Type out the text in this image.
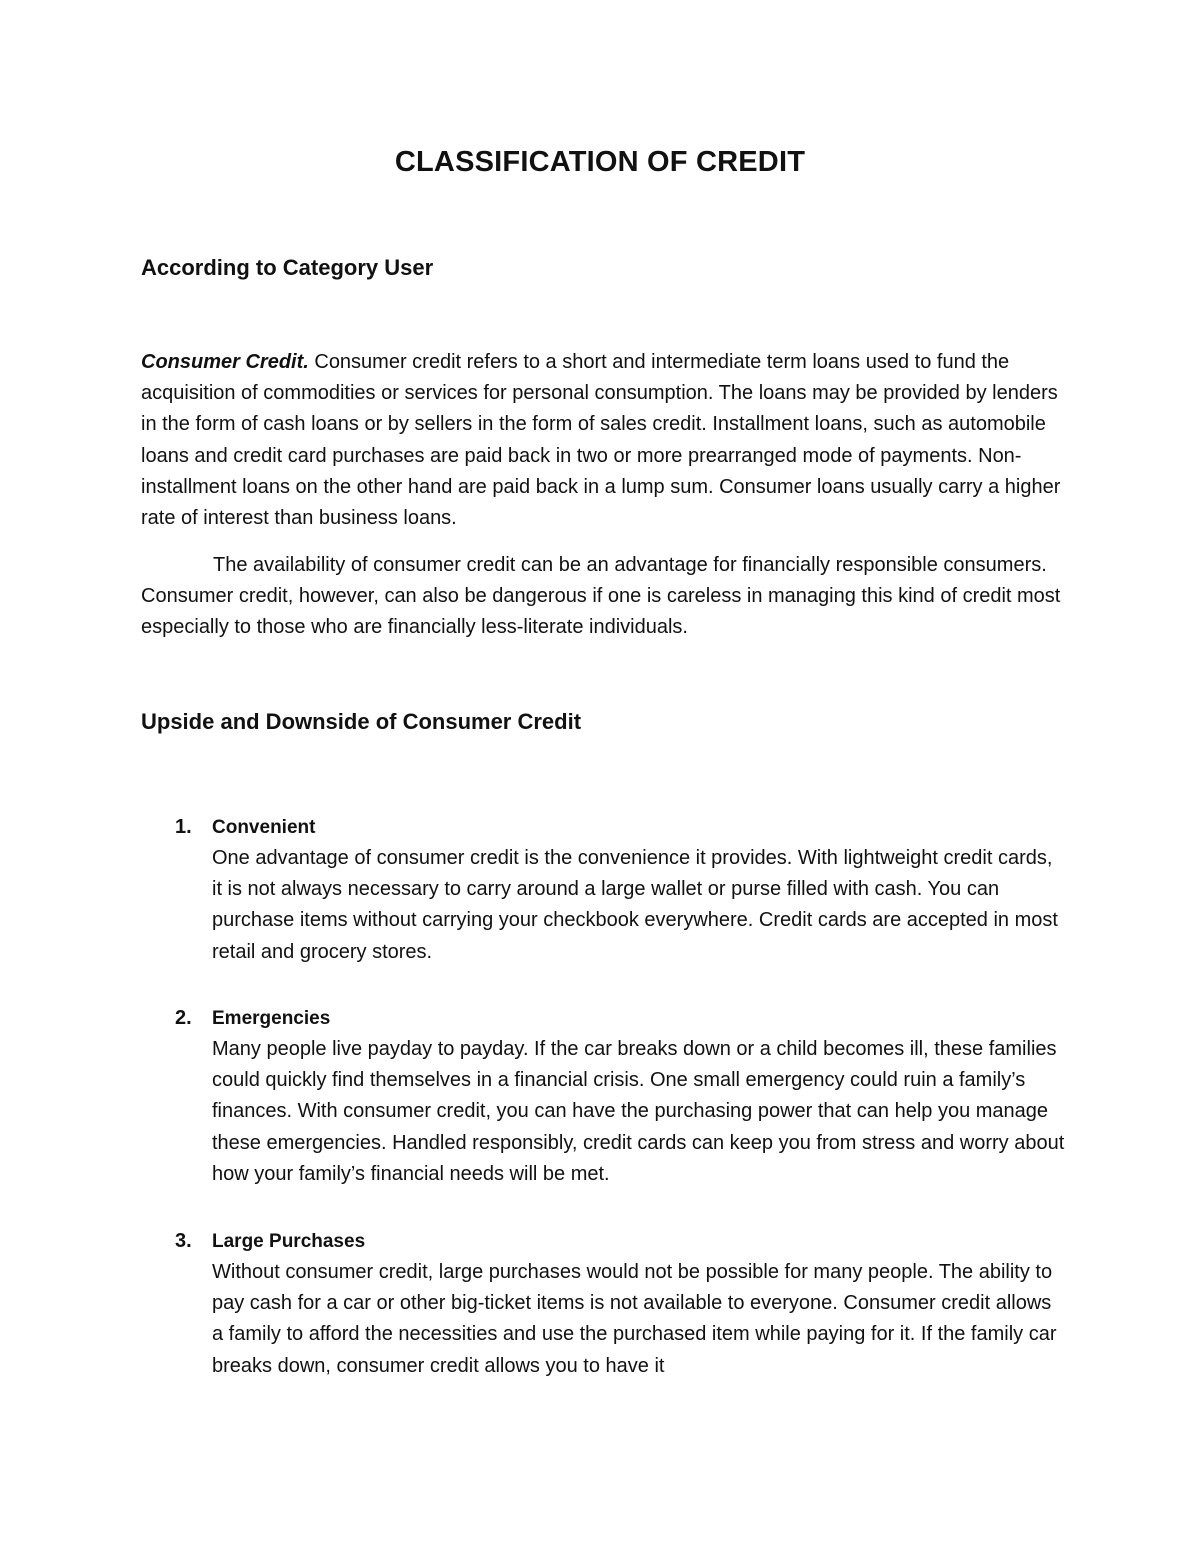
CLASSIFICATION OF CREDIT
According to Category User
Consumer Credit. Consumer credit refers to a short and intermediate term loans used to fund the acquisition of commodities or services for personal consumption. The loans may be provided by lenders in the form of cash loans or by sellers in the form of sales credit. Installment loans, such as automobile loans and credit card purchases are paid back in two or more prearranged mode of payments. Non-installment loans on the other hand are paid back in a lump sum. Consumer loans usually carry a higher rate of interest than business loans.
The availability of consumer credit can be an advantage for financially responsible consumers. Consumer credit, however, can also be dangerous if one is careless in managing this kind of credit most especially to those who are financially less-literate individuals.
Upside and Downside of Consumer Credit
1. Convenient
One advantage of consumer credit is the convenience it provides. With lightweight credit cards, it is not always necessary to carry around a large wallet or purse filled with cash. You can purchase items without carrying your checkbook everywhere. Credit cards are accepted in most retail and grocery stores.
2. Emergencies
Many people live payday to payday. If the car breaks down or a child becomes ill, these families could quickly find themselves in a financial crisis. One small emergency could ruin a family’s finances. With consumer credit, you can have the purchasing power that can help you manage these emergencies. Handled responsibly, credit cards can keep you from stress and worry about how your family’s financial needs will be met.
3. Large Purchases
Without consumer credit, large purchases would not be possible for many people. The ability to pay cash for a car or other big-ticket items is not available to everyone. Consumer credit allows a family to afford the necessities and use the purchased item while paying for it. If the family car breaks down, consumer credit allows you to have it
